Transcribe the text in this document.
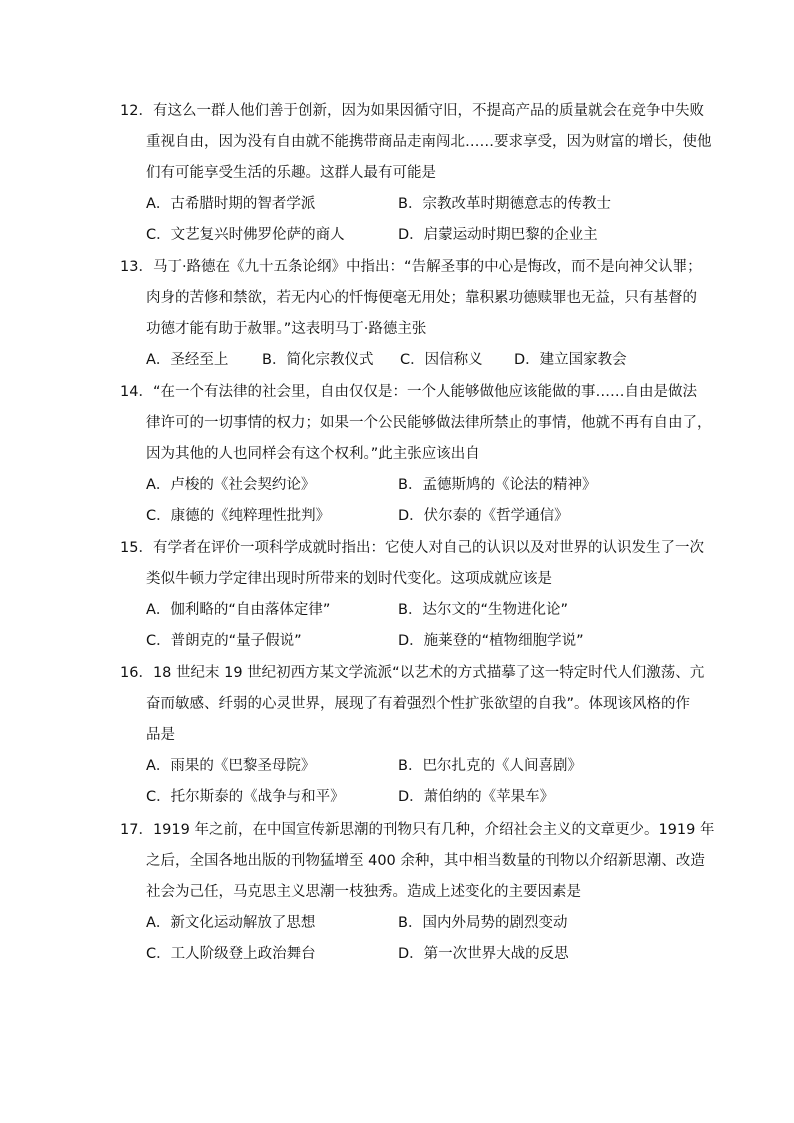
12．有这么一群人他们善于创新，因为如果因循守旧，不提高产品的质量就会在竞争中失败
重视自由，因为没有自由就不能携带商品走南闯北……要求享受，因为财富的增长，使他
们有可能享受生活的乐趣。这群人最有可能是
A．古希腊时期的智者学派	B．宗教改革时期德意志的传教士
C．文艺复兴时佛罗伦萨的商人	D．启蒙运动时期巴黎的企业主
13．马丁·路德在《九十五条论纲》中指出：“告解圣事的中心是悔改，而不是向神父认罪；
肉身的苦修和禁欲，若无内心的忏悔便毫无用处；靠积累功德赎罪也无益，只有基督的
功德才能有助于赦罪。”这表明马丁·路德主张
A．圣经至上 B．简化宗教仪式 C．因信称义 D．建立国家教会
14．“在一个有法律的社会里，自由仅仅是：一个人能够做他应该能做的事……自由是做法
律许可的一切事情的权力；如果一个公民能够做法律所禁止的事情，他就不再有自由了，
因为其他的人也同样会有这个权利。”此主张应该出自
A．卢梭的《社会契约论》	B．孟德斯鸠的《论法的精神》
C．康德的《纯粹理性批判》	D．伏尔泰的《哲学通信》
15．有学者在评价一项科学成就时指出：它使人对自己的认识以及对世界的认识发生了一次
类似牛顿力学定律出现时所带来的划时代变化。这项成就应该是
A．伽利略的“自由落体定律”	B．达尔文的“生物进化论”
C．普朗克的“量子假说”	D．施莱登的“植物细胞学说”
16．18 世纪末 19 世纪初西方某文学流派“以艺术的方式描摹了这一特定时代人们激荡、亢
奋而敏感、纤弱的心灵世界，展现了有着强烈个性扩张欲望的自我”。体现该风格的作
品是
A．雨果的《巴黎圣母院》	B．巴尔扎克的《人间喜剧》
C．托尔斯泰的《战争与和平》	D．萧伯纳的《苹果车》
17．1919 年之前，在中国宣传新思潮的刊物只有几种，介绍社会主义的文章更少。1919 年
之后，全国各地出版的刊物猛增至 400 余种，其中相当数量的刊物以介绍新思潮、改造
社会为己任，马克思主义思潮一枝独秀。造成上述变化的主要因素是
A．新文化运动解放了思想	B．国内外局势的剧烈变动
C．工人阶级登上政治舞台	D．第一次世界大战的反思
